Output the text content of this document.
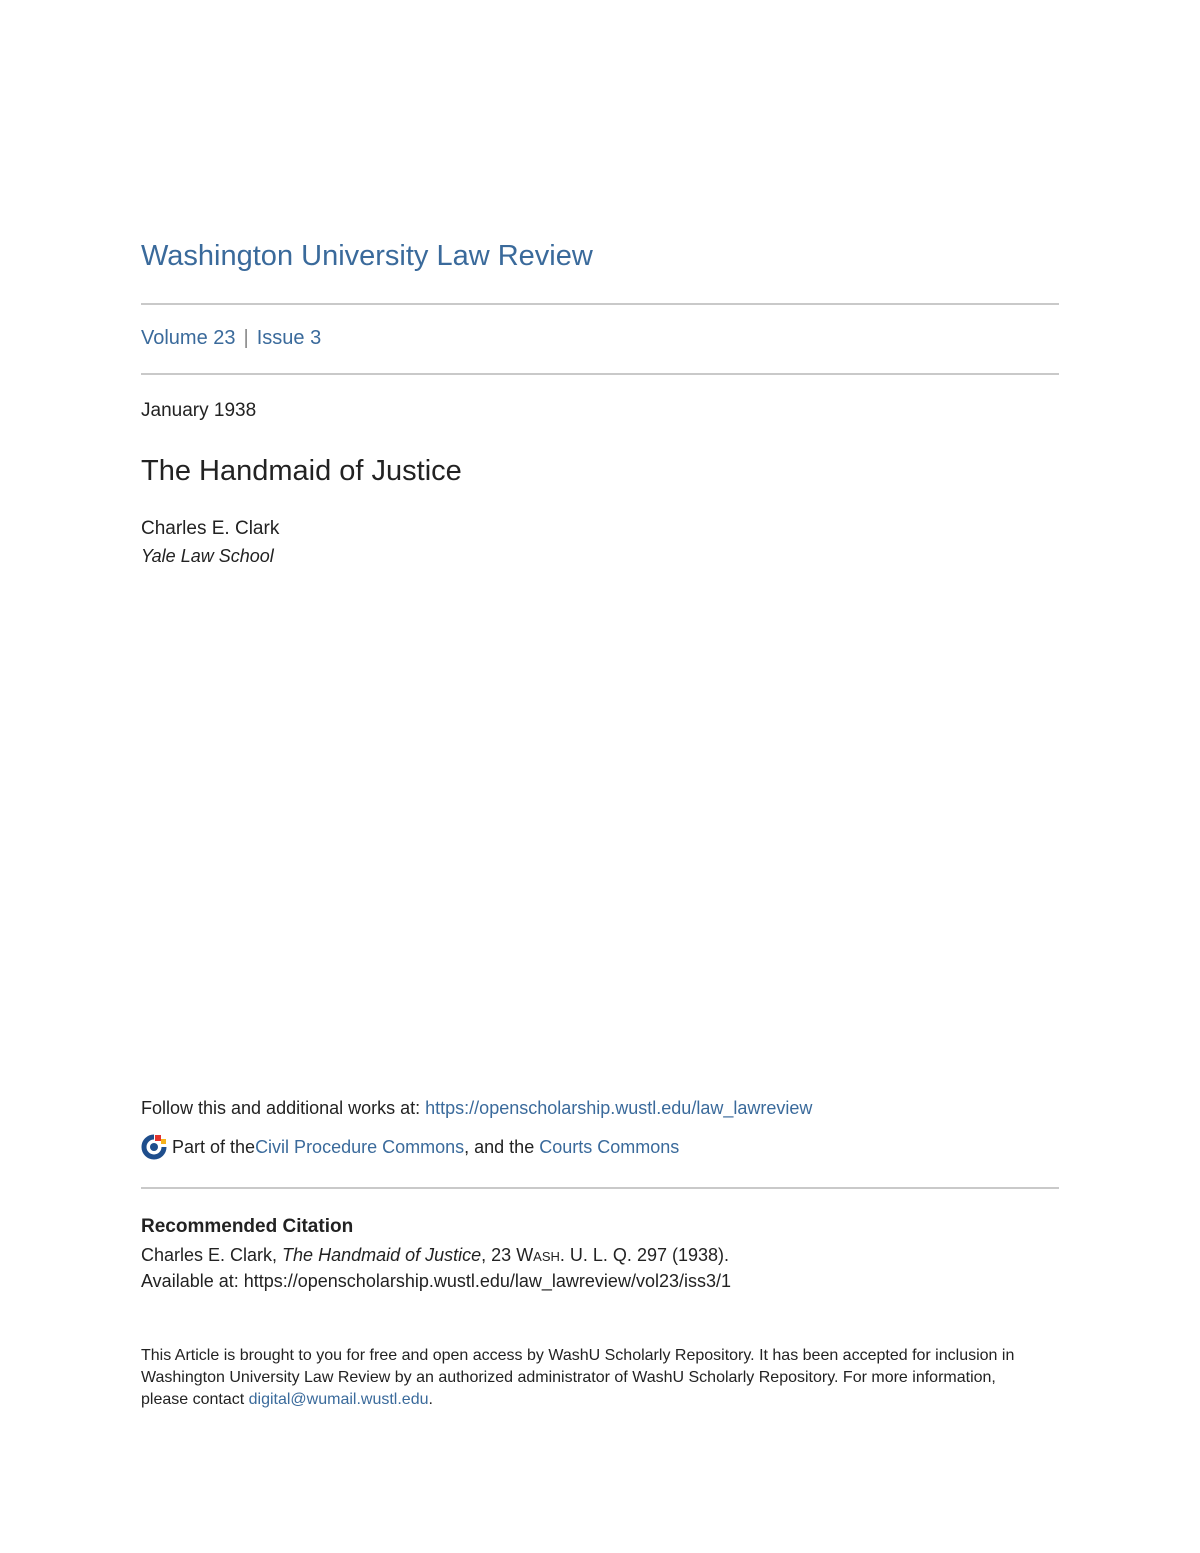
Washington University Law Review
Volume 23 | Issue 3
January 1938
The Handmaid of Justice
Charles E. Clark
Yale Law School
Follow this and additional works at: https://openscholarship.wustl.edu/law_lawreview
Part of the Civil Procedure Commons , and the Courts Commons
Recommended Citation
Charles E. Clark, The Handmaid of Justice, 23 Wash. U. L. Q. 297 (1938).
Available at: https://openscholarship.wustl.edu/law_lawreview/vol23/iss3/1
This Article is brought to you for free and open access by WashU Scholarly Repository. It has been accepted for inclusion in Washington University Law Review by an authorized administrator of WashU Scholarly Repository. For more information, please contact digital@wumail.wustl.edu.
